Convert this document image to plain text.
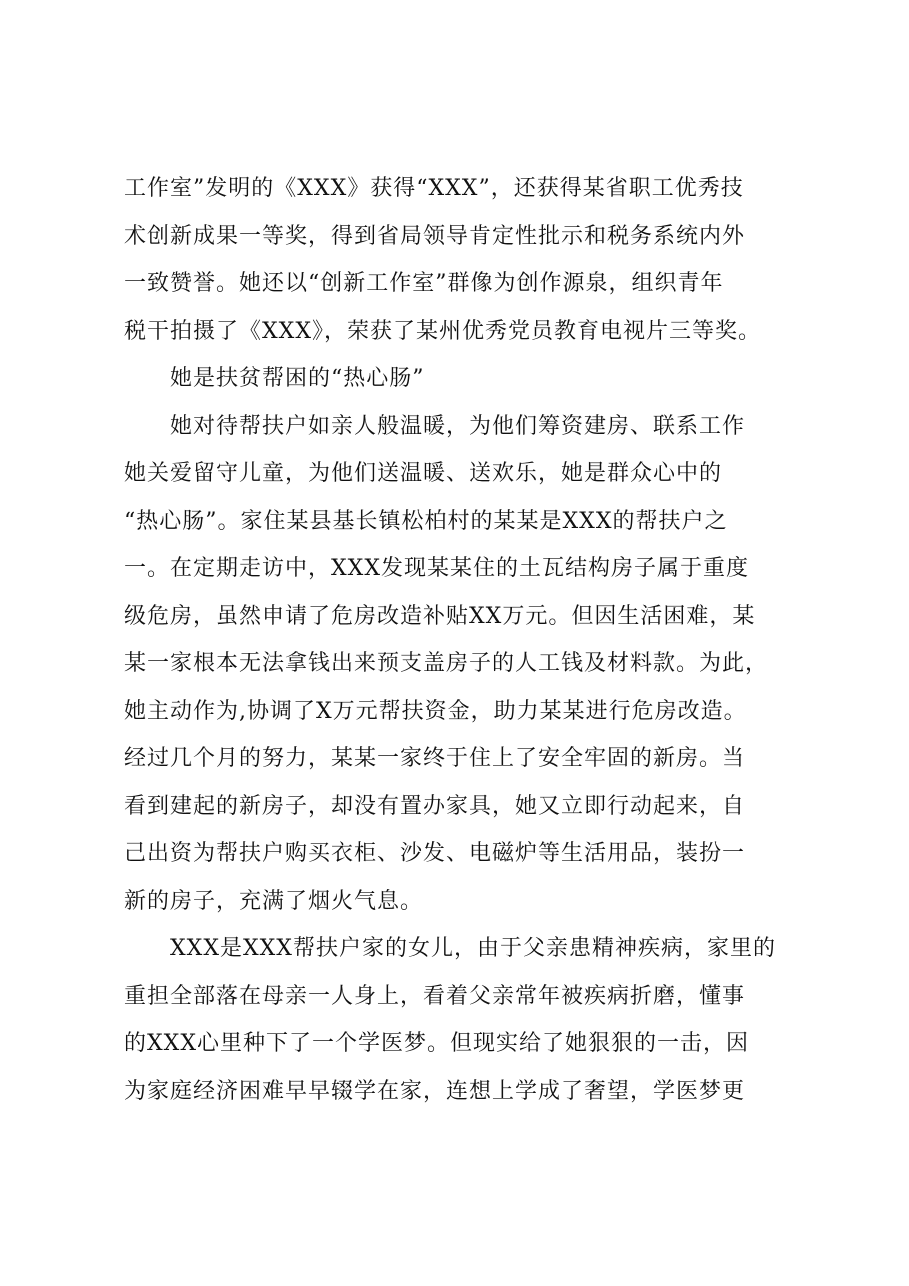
工作室”发明的《XXX》获得“XXX”，还获得某省职工优秀技
术创新成果一等奖，得到省局领导肯定性批示和税务系统内外
一致赞誉。她还以“创新工作室”群像为创作源泉，组织青年
税干拍摄了《XXX》，荣获了某州优秀党员教育电视片三等奖。
她是扶贫帮困的“热心肠”
她对待帮扶户如亲人般温暖，为他们筹资建房、联系工作
她关爱留守儿童，为他们送温暖、送欢乐，她是群众心中的
“热心肠”。家住某县基长镇松柏村的某某是XXX的帮扶户之
一。在定期走访中，XXX发现某某住的土瓦结构房子属于重度
级危房，虽然申请了危房改造补贴XX万元。但因生活困难，某
某一家根本无法拿钱出来预支盖房子的人工钱及材料款。为此，
她主动作为,协调了X万元帮扶资金，助力某某进行危房改造。
经过几个月的努力，某某一家终于住上了安全牢固的新房。当
看到建起的新房子，却没有置办家具，她又立即行动起来，自
己出资为帮扶户购买衣柜、沙发、电磁炉等生活用品，装扮一
新的房子，充满了烟火气息。
XXX是XXX帮扶户家的女儿，由于父亲患精神疾病，家里的
重担全部落在母亲一人身上，看着父亲常年被疾病折磨，懂事
的XXX心里种下了一个学医梦。但现实给了她狠狠的一击，因
为家庭经济困难早早辍学在家，连想上学成了奢望，学医梦更
